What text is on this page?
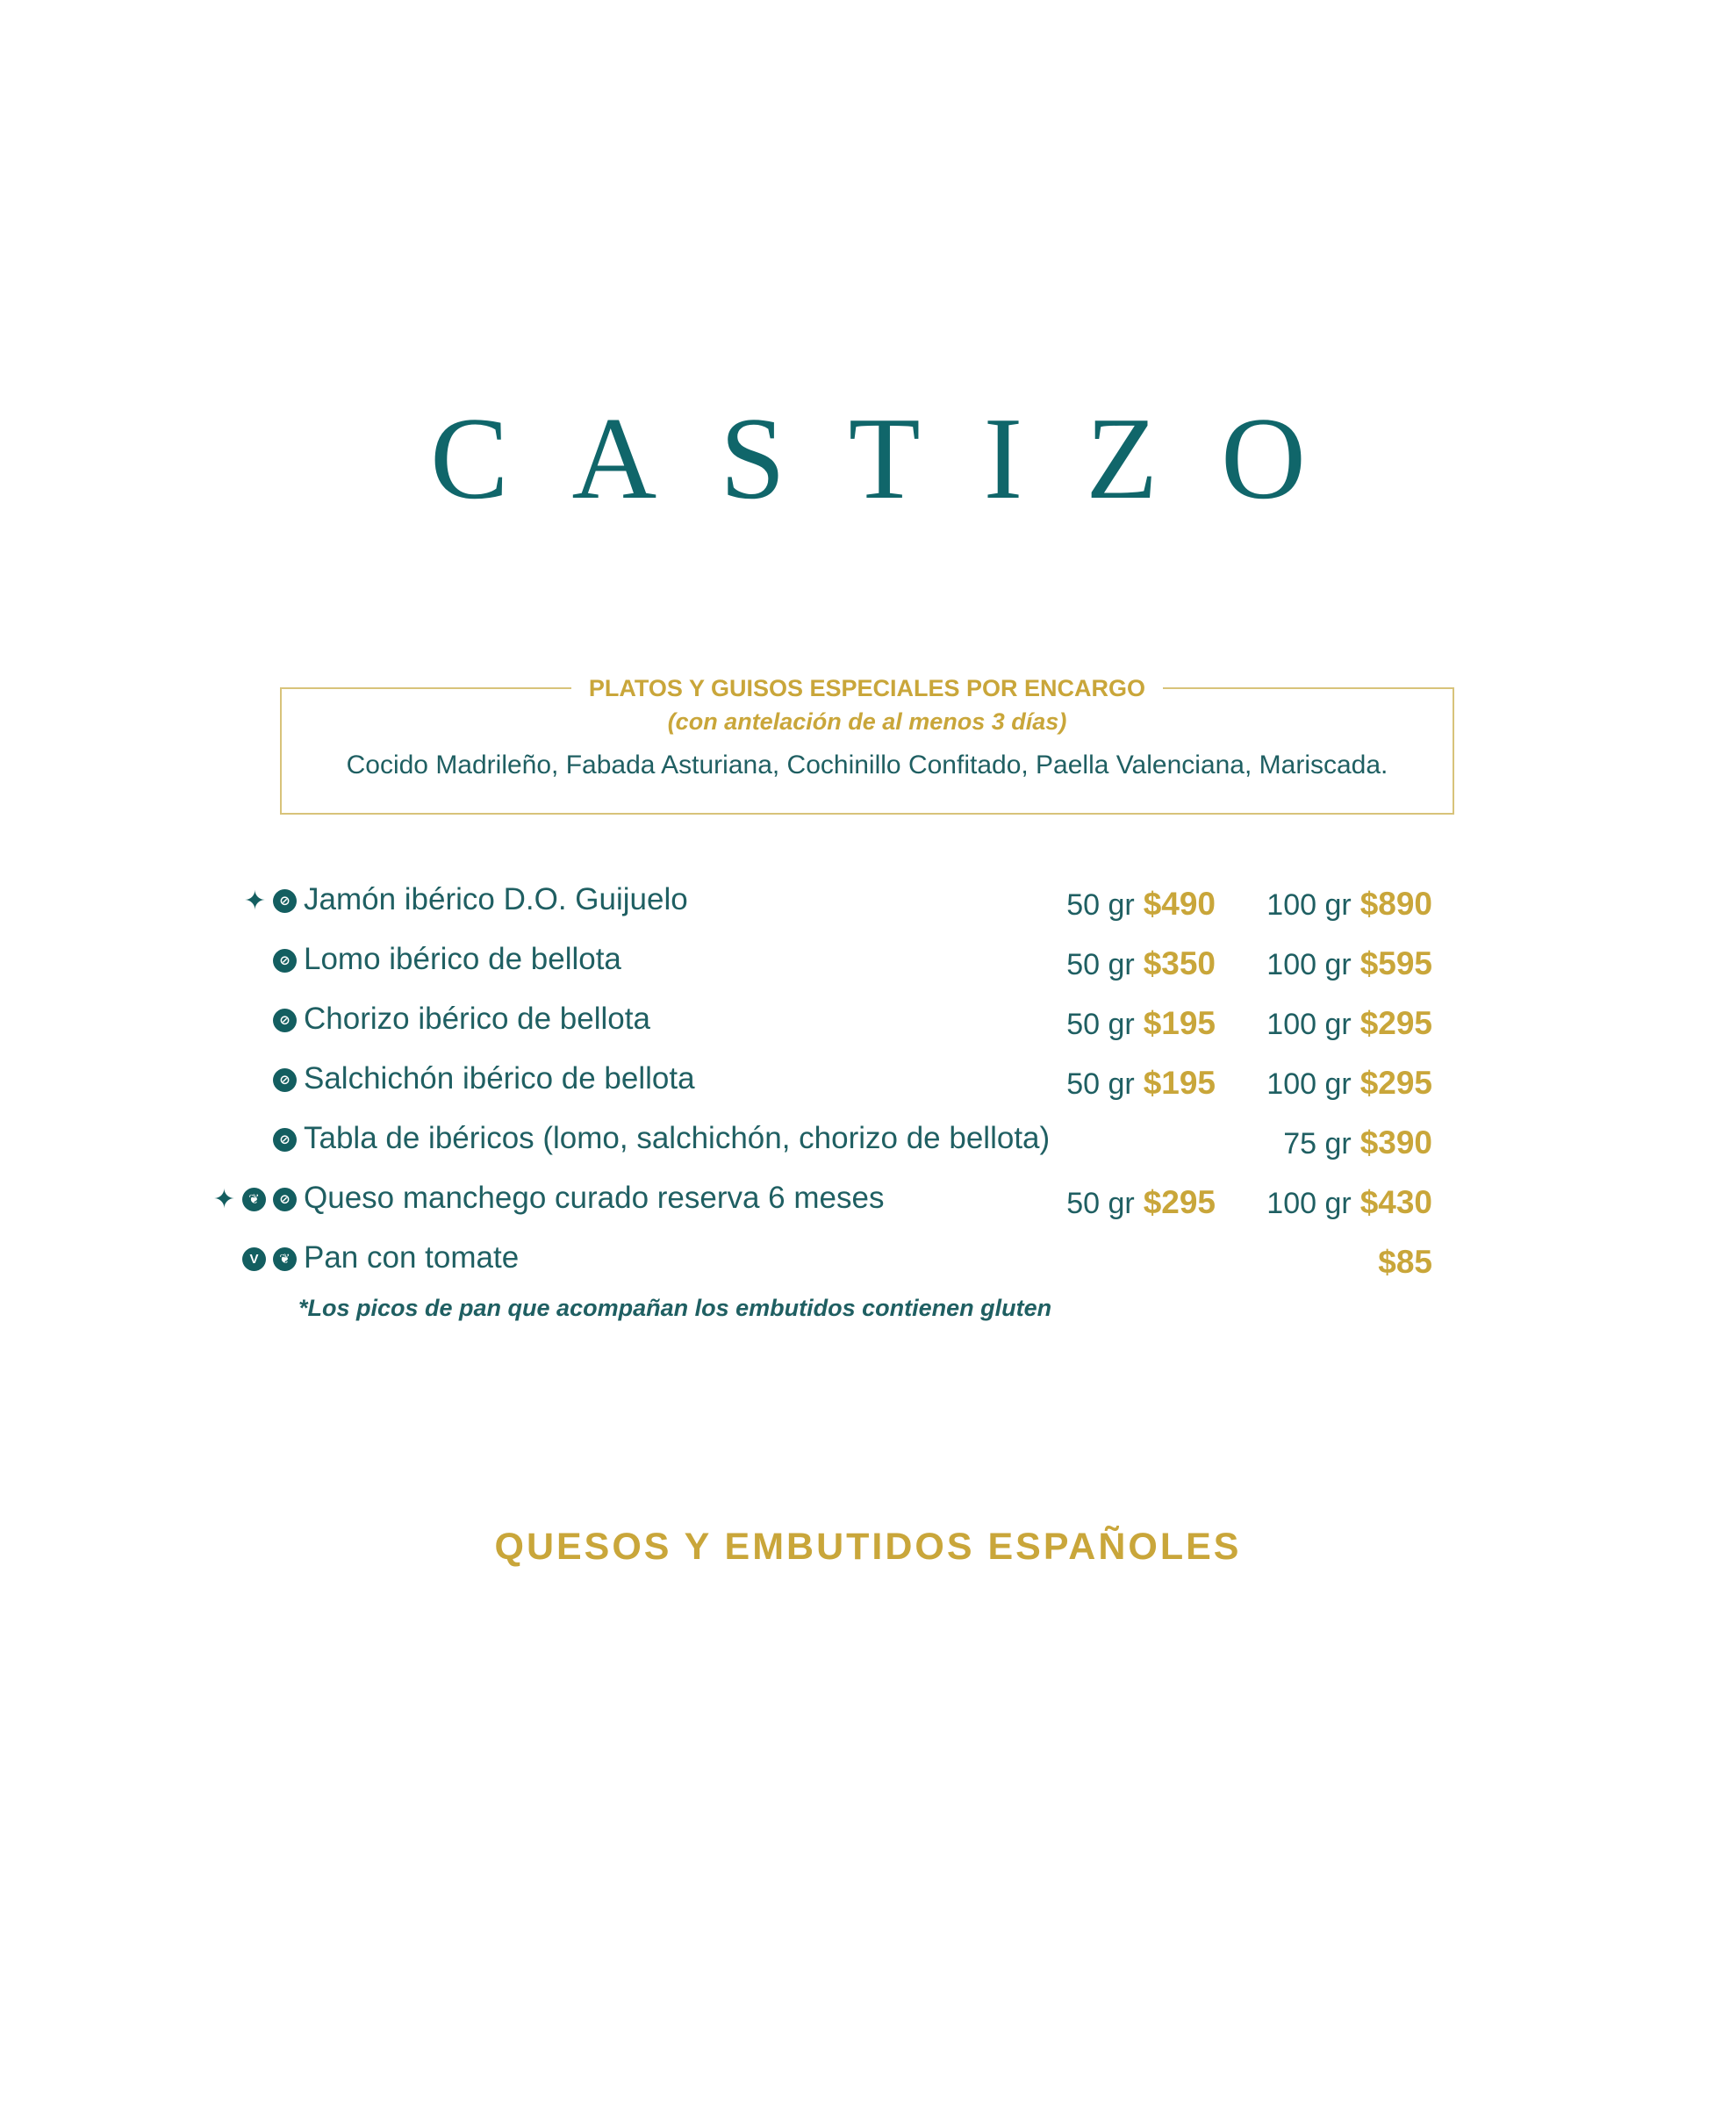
CASTIZO
PLATOS Y GUISOS ESPECIALES POR ENCARGO
(con antelación de al menos 3 días)
Cocido Madrileño, Fabada Asturiana, Cochinillo Confitado, Paella Valenciana, Mariscada.
✦	⊘ Jamón ibérico D.O. Guijuelo	50 gr $490 100 gr $890
⊘ Lomo ibérico de bellota	50 gr $350 100 gr $595
⊘ Chorizo ibérico de bellota	50 gr $195 100 gr $295
⊘ Salchichón ibérico de bellota	50 gr $195 100 gr $295
⊘ Tabla de ibéricos (lomo, salchichón, chorizo de bellota)	75 gr $390
✦	❦	⊘ Queso manchego curado reserva 6 meses	50 gr $295 100 gr $430
V	❦ Pan con tomate	$85
*Los picos de pan que acompañan los embutidos contienen gluten
QUESOS Y EMBUTIDOS ESPAÑOLES
